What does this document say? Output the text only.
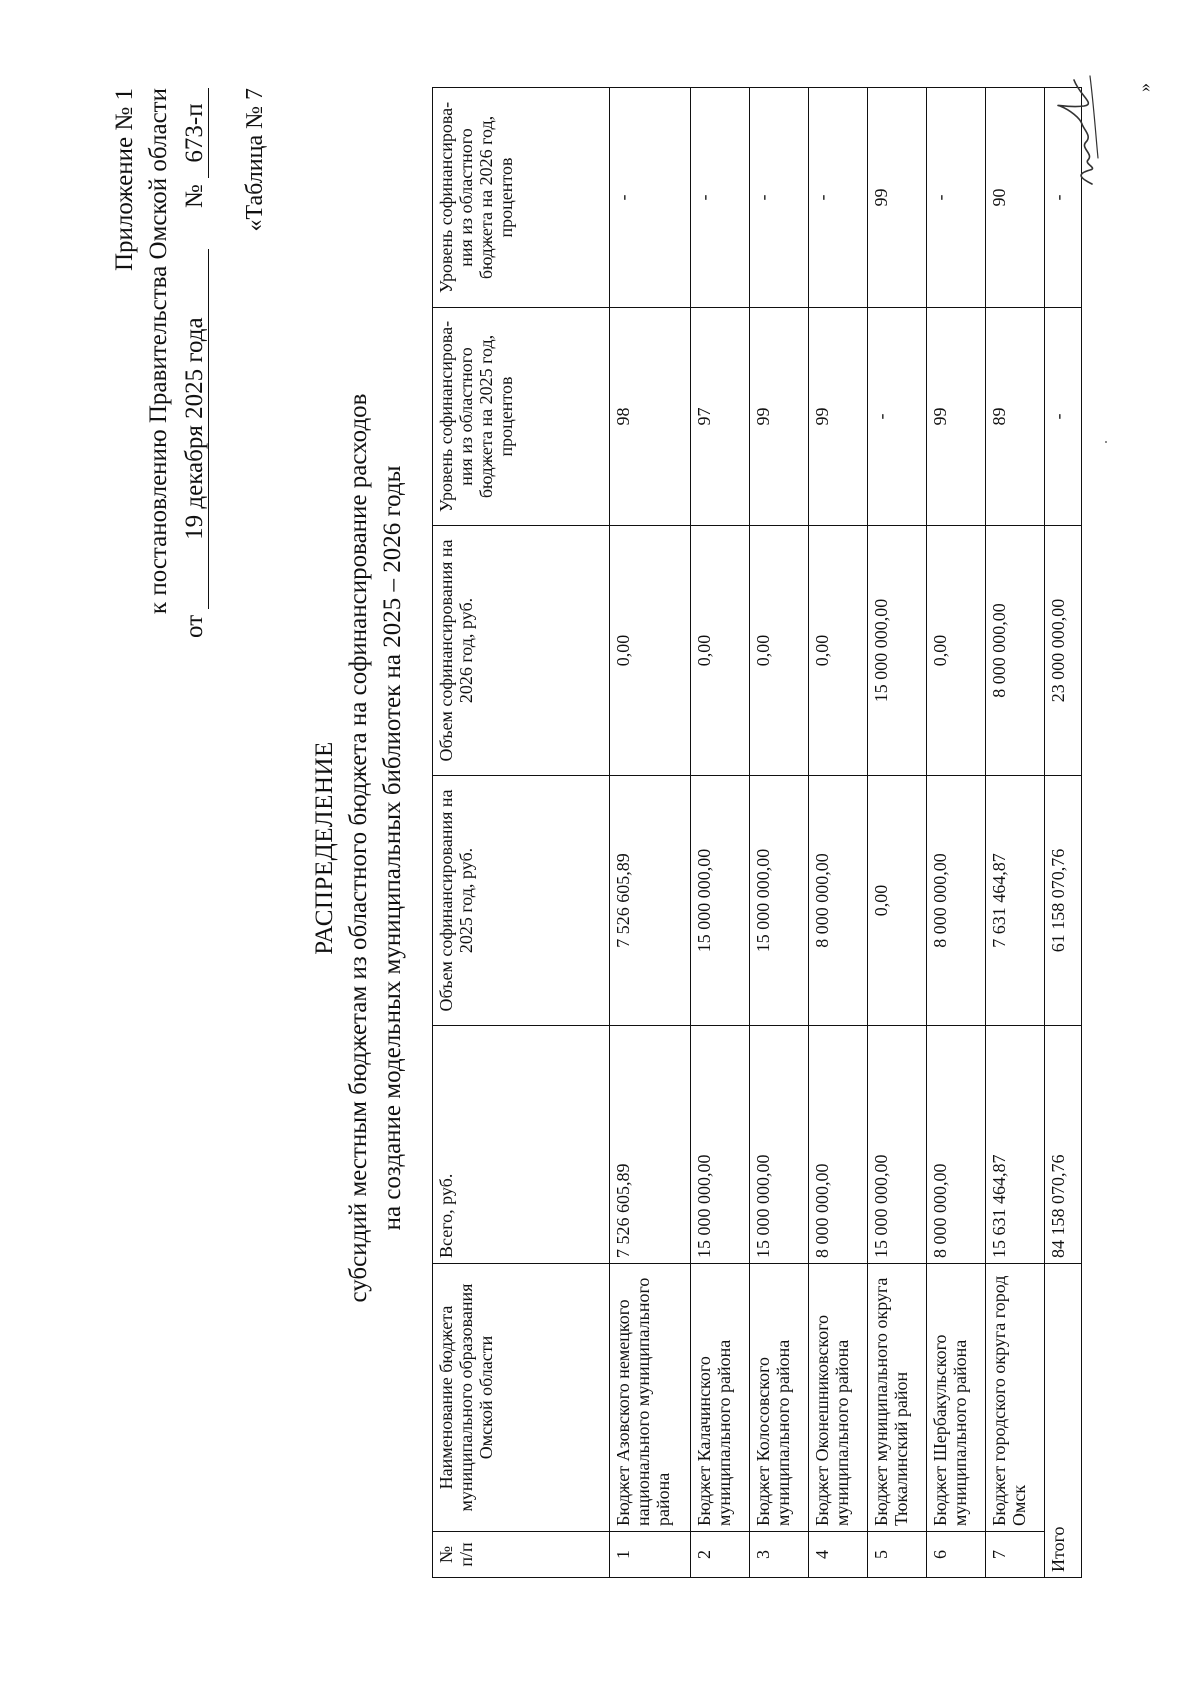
Приложение № 1 к постановлению Правительства Омской области
от 19 декабря 2025 года  № 673-п «Таблица № 7
РАСПРЕДЕЛЕНИЕ субсидий местным бюджетам из областного бюджета на софинансирование расходов на создание модельных муниципальных библиотек на 2025 – 2026 годы
№ п/п	Наименование бюджета муниципального образования Омской области	Всего, руб.	Объем софинансирования на 2025 год, руб.	Объем софинансирования на 2026 год, руб.	Уровень софинансирова-ния из областного бюджета на 2025 год, процентов	Уровень софинансирова-ния из областного бюджета на 2026 год, процентов
1	Бюджет Азовского немецкого национального муниципального района	7 526 605,89	7 526 605,89	0,00	98	-
2	Бюджет Калачинского муниципального района	15 000 000,00	15 000 000,00	0,00	97	-
3	Бюджет Колосовского муниципального района	15 000 000,00	15 000 000,00	0,00	99	-
4	Бюджет Оконешниковского муниципального района	8 000 000,00	8 000 000,00	0,00	99	-
5	Бюджет муниципального округа Тюкалинский район	15 000 000,00	0,00	15 000 000,00	-	99
6	Бюджет Шербакульского муниципального района	8 000 000,00	8 000 000,00	0,00	99	-
7	Бюджет городского округа город Омск	15 631 464,87	7 631 464,87	8 000 000,00	89	90
Итого		84 158 070,76	61 158 070,76	23 000 000,00	-	-
»
